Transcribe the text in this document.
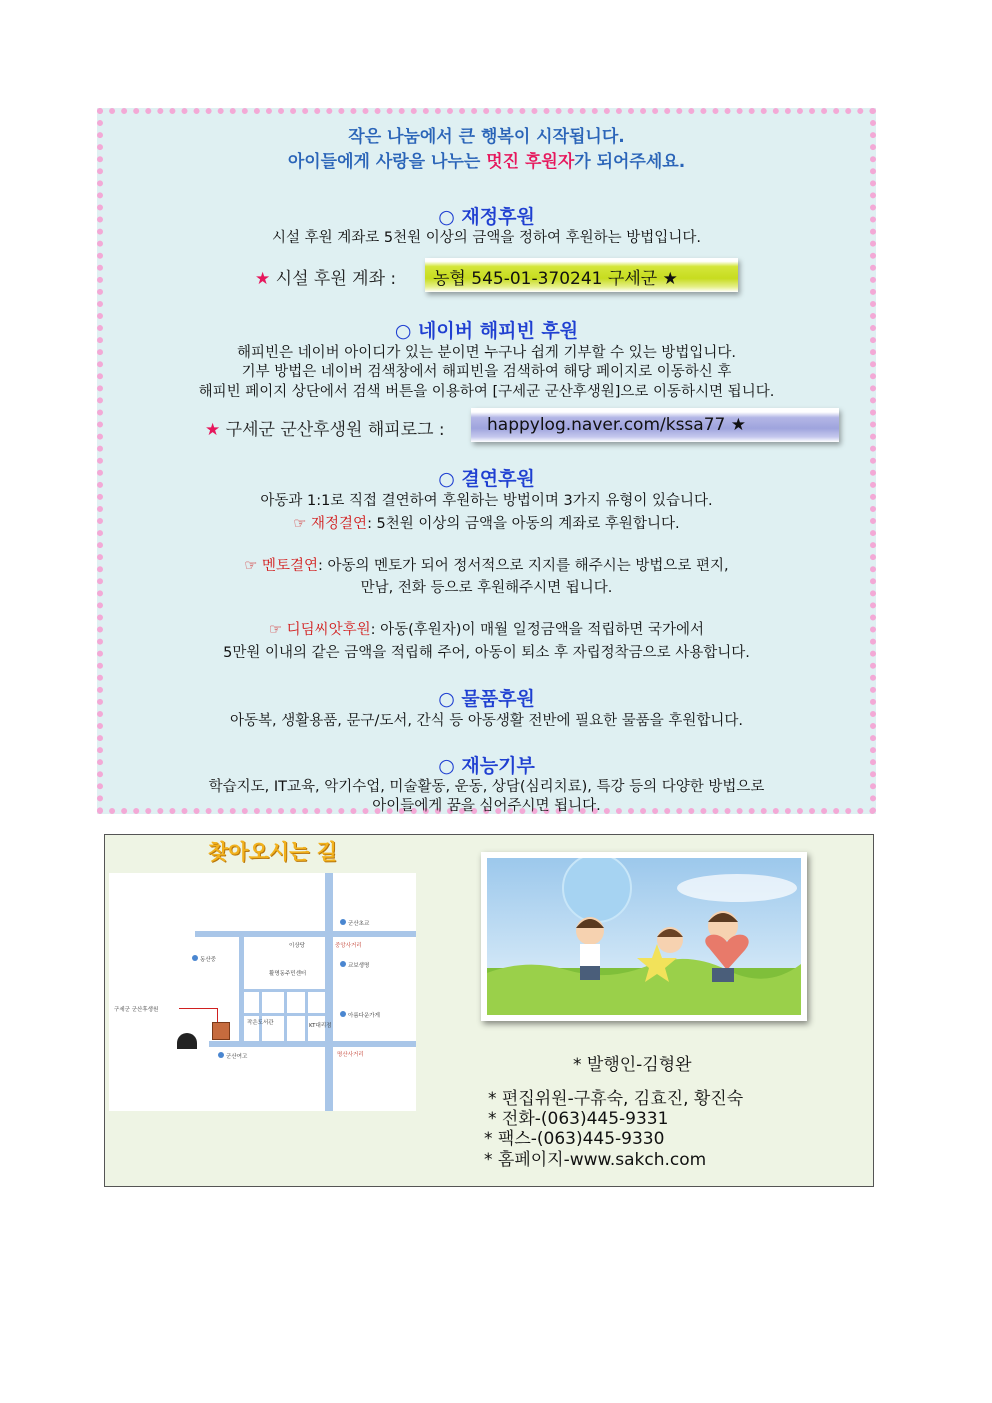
작은 나눔에서 큰 행복이 시작됩니다.
아이들에게 사랑을 나누는 멋진 후원자가 되어주세요.
○ 재정후원
시설 후원 계좌로 5천원 이상의 금액을 정하여 후원하는 방법입니다.
○ 네이버 해피빈 후원
해피빈은 네이버 아이디가 있는 분이면 누구나 쉽게 기부할 수 있는 방법입니다.
기부 방법은 네이버 검색창에서 해피빈을 검색하여 해당 페이지로 이동하신 후
해피빈 페이지 상단에서 검색 버튼을 이용하여 [구세군 군산후생원]으로 이동하시면 됩니다.
○ 결연후원
아동과 1:1로 직접 결연하여 후원하는 방법이며 3가지 유형이 있습니다.
☞ 재정결연: 5천원 이상의 금액을 아동의 계좌로 후원합니다.
☞ 멘토결연: 아동의 멘토가 되어 정서적으로 지지를 해주시는 방법으로 편지,
만남, 전화 등으로 후원해주시면 됩니다.
☞ 디딤씨앗후원: 아동(후원자)이 매월 일정금액을 적립하면 국가에서
5만원 이내의 같은 금액을 적립해 주어, 아동이 퇴소 후 자립정착금으로 사용합니다.
○ 물품후원
아동복, 생활용품, 문구/도서, 간식 등 아동생활 전반에 필요한 물품을 후원합니다.
○ 재능기부
학습지도, IT교육, 악기수업, 미술활동, 운동, 상담(심리치료), 특강 등의 다양한 방법으로
아이들에게 꿈을 심어주시면 됩니다.
★ 시설 후원 계좌 : 농협 545-01-370241 구세군 ★
★ 구세군 군산후생원 해피로그 : happylog.naver.com/kssa77 ★
찾아오시는 길
군산초교
이상당	중앙사거리
동산중
교보생명
활명동주민센터
구세군 군산후생원
작은도서관
아름다운가게
KT대리점
군산여고	명산사거리	* 발행인-김형완
* 편집위원-구휴숙, 김효진, 황진숙
* 전화-(063)445-9331
* 팩스-(063)445-9330
* 홈페이지-www.sakch.com
